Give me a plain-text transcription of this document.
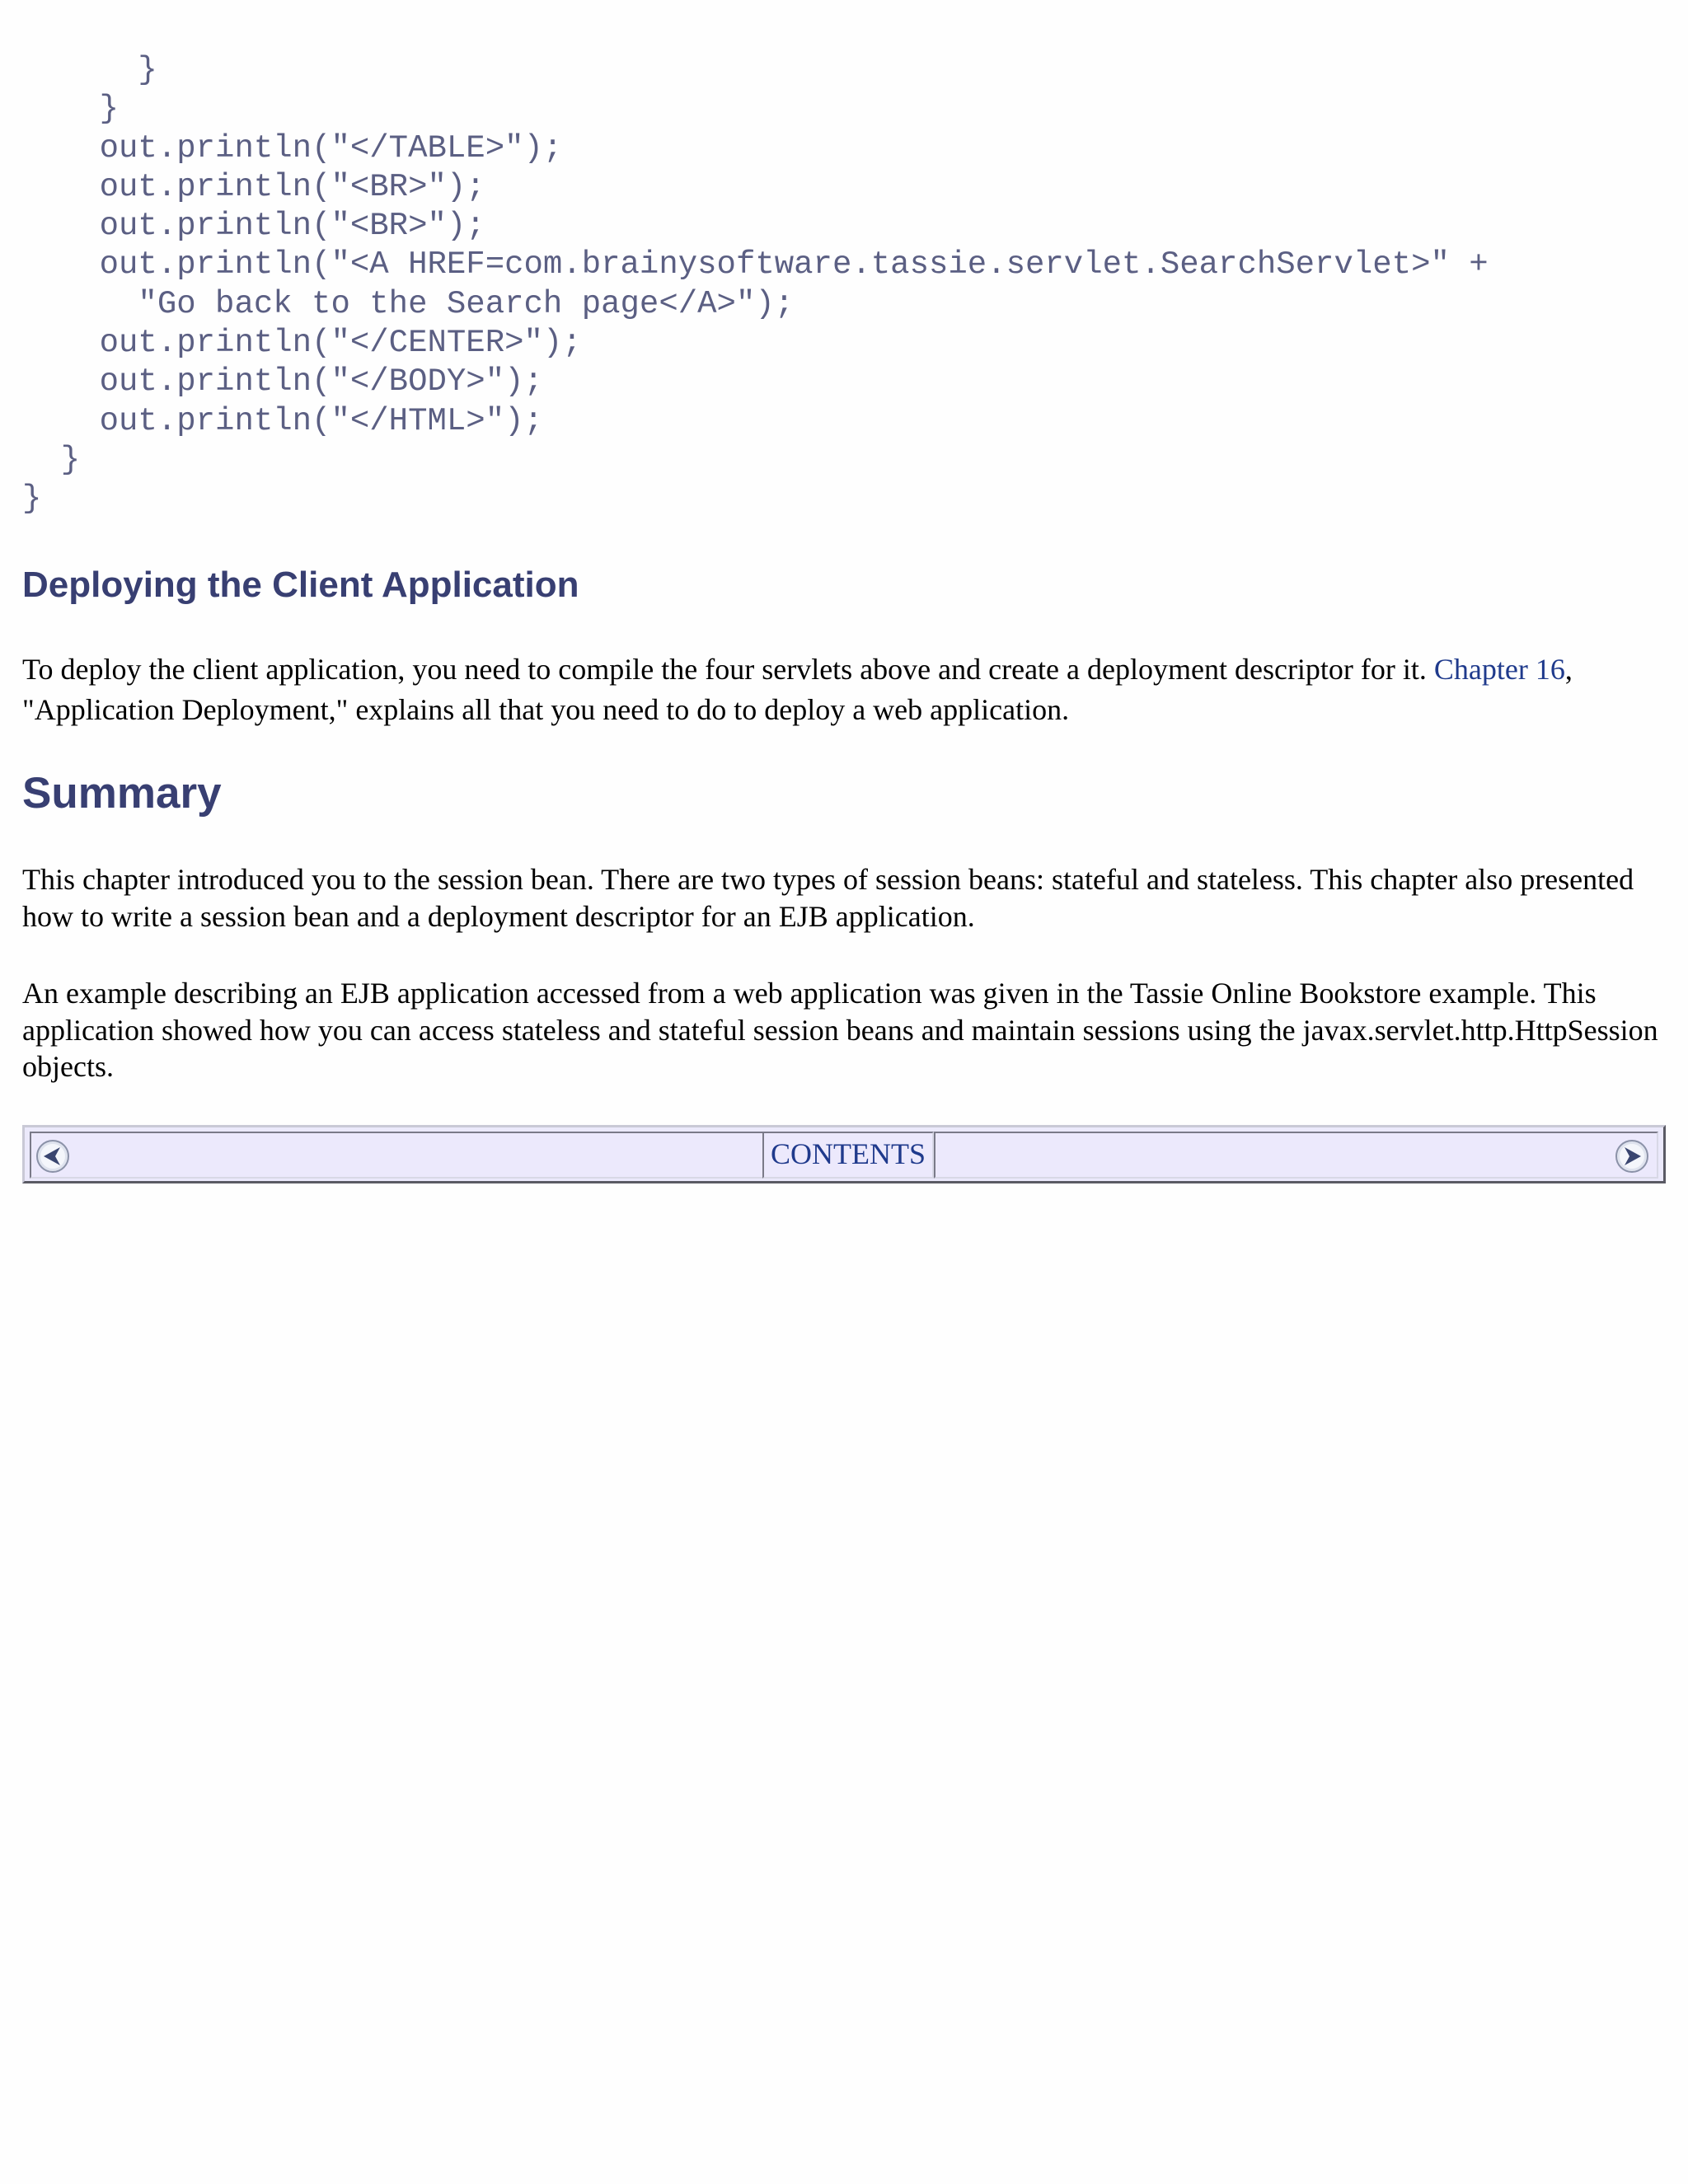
}
}
out.println("</TABLE>");
out.println("<BR>");
out.println("<BR>");
out.println("<A HREF=com.brainysoftware.tassie.servlet.SearchServlet>" +
"Go back to the Search page</A>");
out.println("</CENTER>");
out.println("</BODY>");
out.println("</HTML>");
}
}
Deploying the Client Application

To deploy the client application, you need to compile the four servlets above and create a deployment descriptor for it. Chapter 16, "Application Deployment," explains all that you need to do to deploy a web application.

Summary

This chapter introduced you to the session bean. There are two types of session beans: stateful and stateless. This chapter also presented how to write a session bean and a deployment descriptor for an EJB application.

An example describing an EJB application accessed from a web application was given in the Tassie Online Bookstore example. This application showed how you can access stateless and stateful session beans and maintain sessions using the javax.servlet.http.HttpSession objects.

CONTENTS
